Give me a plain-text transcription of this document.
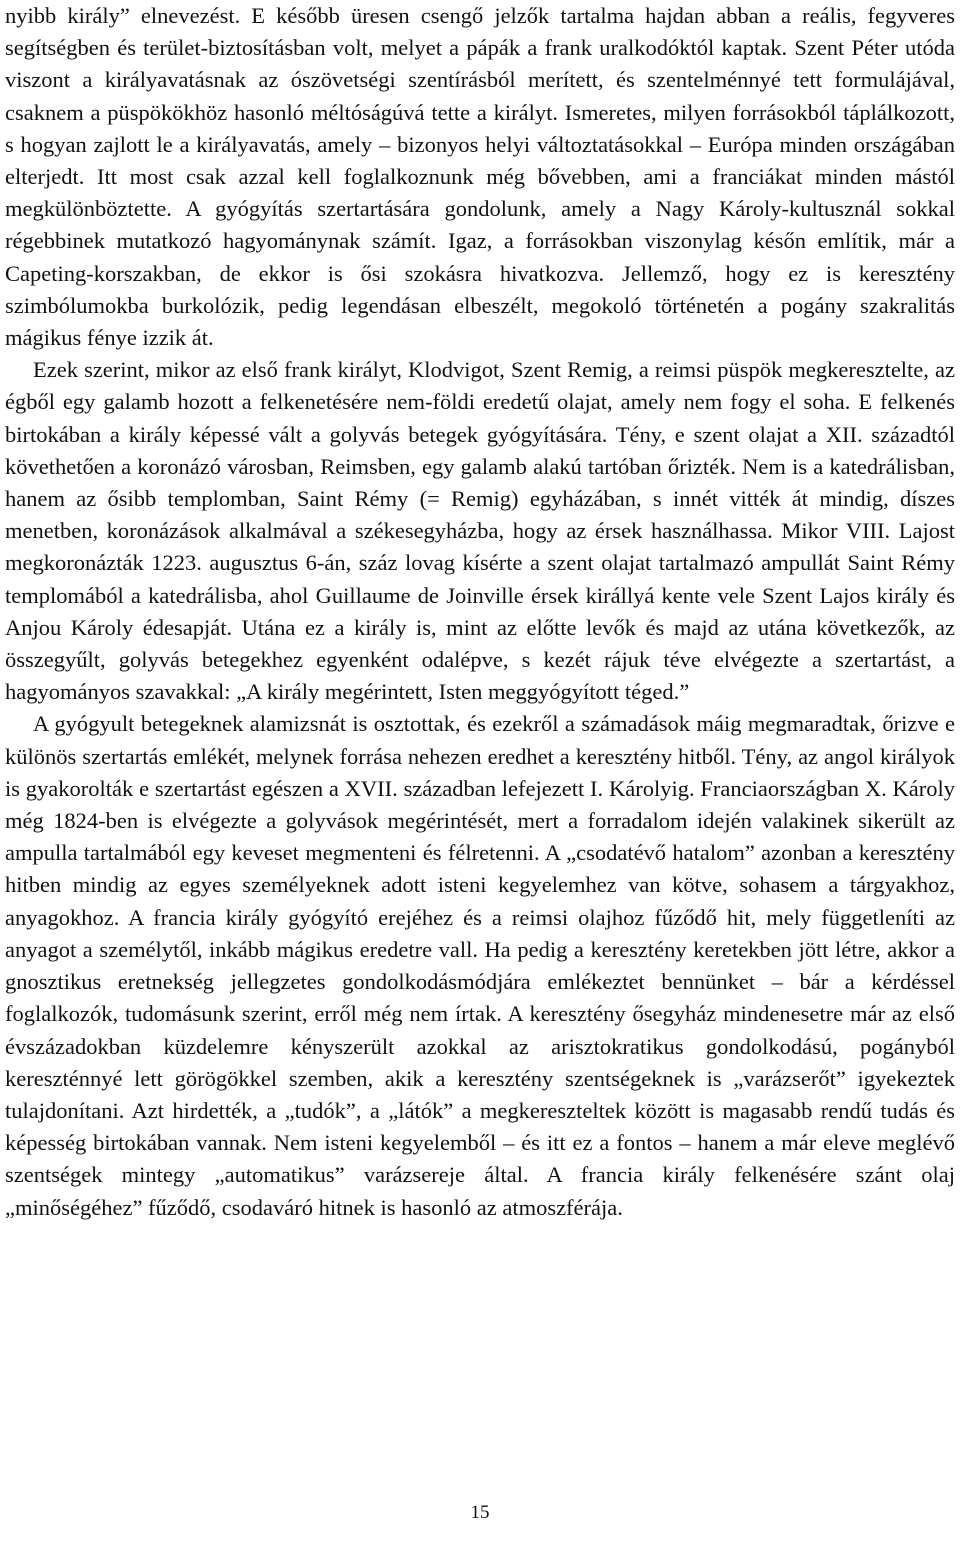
nyibb király” elnevezést. E később üresen csengő jelzők tartalma hajdan abban a reális, fegyveres segítségben és terület-biztosításban volt, melyet a pápák a frank uralkodóktól kaptak. Szent Péter utóda viszont a királyavatásnak az ószövetségi szentírásból merített, és szentelménnyé tett formulájával, csaknem a püspökökhöz hasonló méltóságúvá tette a királyt. Ismeretes, milyen forrásokból táplálkozott, s hogyan zajlott le a királyavatás, amely – bizonyos helyi változtatásokkal – Európa minden országában elterjedt. Itt most csak azzal kell foglalkoznunk még bővebben, ami a franciákat minden mástól megkülönböztette. A gyógyítás szertartására gondolunk, amely a Nagy Károly-kultusznál sokkal régebbinek mutatkozó hagyománynak számít. Igaz, a forrásokban viszonylag későn említik, már a Capeting-korszakban, de ekkor is ősi szokásra hivatkozva. Jellemző, hogy ez is keresztény szimbólumokba burkolózik, pedig legendásan elbeszélt, megokoló történetén a pogány szakralitás mágikus fénye izzik át.

Ezek szerint, mikor az első frank királyt, Klodvigot, Szent Remig, a reimsi püspök megkeresztelte, az égből egy galamb hozott a felkenetésére nem-földi eredetű olajat, amely nem fogy el soha. E felkenés birtokában a király képessé vált a golyvás betegek gyógyítására. Tény, e szent olajat a XII. századtól követhetően a koronázó városban, Reimsben, egy galamb alakú tartóban őrizték. Nem is a katedrálisban, hanem az ősibb templomban, Saint Rémy (= Remig) egyházában, s innét vitték át mindig, díszes menetben, koronázások alkalmával a székesegyházba, hogy az érsek használhassa. Mikor VIII. Lajost megkoronázták 1223. augusztus 6-án, száz lovag kísérte a szent olajat tartalmazó ampullát Saint Rémy templomából a katedrálisba, ahol Guillaume de Joinville érsek királlyá kente vele Szent Lajos király és Anjou Károly édesapját. Utána ez a király is, mint az előtte levők és majd az utána következők, az összegyűlt, golyvás betegekhez egyenként odalépve, s kezét rájuk téve elvégezte a szertartást, a hagyományos szavakkal: „A király megérintett, Isten meggyógyított téged.”

A gyógyult betegeknek alamizsnát is osztottak, és ezekről a számadások máig megmaradtak, őrizve e különös szertartás emlékét, melynek forrása nehezen eredhet a keresztény hitből. Tény, az angol királyok is gyakorolták e szertartást egészen a XVII. században lefejezett I. Károlyig. Franciaországban X. Károly még 1824-ben is elvégezte a golyvások megérintését, mert a forradalom idején valakinek sikerült az ampulla tartalmából egy keveset megmenteni és félretenni. A „csodatévő hatalom” azonban a keresztény hitben mindig az egyes személyeknek adott isteni kegyelemhez van kötve, sohasem a tárgyakhoz, anyagokhoz. A francia király gyógyító erejéhez és a reimsi olajhoz fűződő hit, mely függetleníti az anyagot a személytől, inkább mágikus eredetre vall. Ha pedig a keresztény keretekben jött létre, akkor a gnosztikus eretnekség jellegzetes gondolkodásmódjára emlékeztet bennünket – bár a kérdéssel foglalkozók, tudomásunk szerint, erről még nem írtak. A keresztény ősegyház mindenesetre már az első évszázadokban küzdelemre kényszerült azokkal az arisztokratikus gondolkodású, pogányból kereszténnyé lett görögökkel szemben, akik a keresztény szentségeknek is „varázserőt” igyekeztek tulajdonítani. Azt hirdették, a „tudók”, a „látók” a megkereszteltek között is magasabb rendű tudás és képesség birtokában vannak. Nem isteni kegyelemből – és itt ez a fontos – hanem a már eleve meglévő szentségek mintegy „automatikus” varázsereje által. A francia király felkenésére szánt olaj „minőségéhez” fűződő, csodaváró hitnek is hasonló az atmoszférája.

15
